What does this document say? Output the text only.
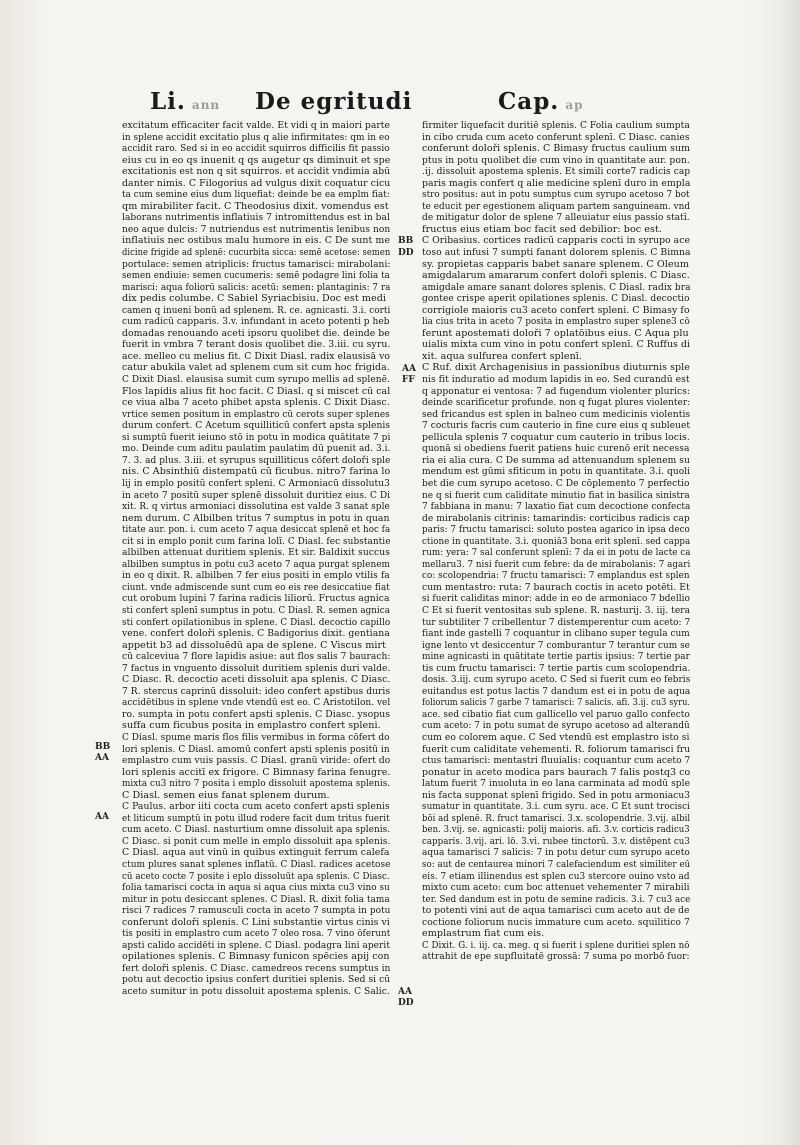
Li. ann De egritudi	Cap. ap
excitatum efficaciter facit valde. Et vidi q in maiori parte
in splene accidit excitatio plus q alie infirmitates: qm in eo
accidit raro. Sed si in eo accidit squirros difficilis fit passio
eius cu in eo qs inuenit q qs augetur qs diminuit et spe
excitationis est non q sit squirros. et accidit vndimia abū
danter nimis. C Filogorius ad vulgus dixit coquatur cicu
ta cum semine eius dum liquefiat: deinde be ea emplm fiat:
qm mirabiliter facit. C Theodosius dixit. vomendus est
laborans nutrimentis inflatiuis 7 intromittendus est in bal
neo aque dulcis: 7 nutriendus est nutrimentis lenibus non
inflatiuis nec ostibus malu humore in eis. C De sunt me
dicine frigide ad splenē: cucurbita sicca: semē acetose: semen
portulace: semen atriplicis: fructus tamarisci: mirabolani:
semen endiuie: semen cucumeris: semē podagre lini folia ta
marisci: aqua foliorū salicis: acetū: semen: plantaginis: 7 ra
dix pedis columbe. C Sabiel Syriacbisiu. Doc est medi
camen q inueni bonū ad splenem. R. ce. agnicasti. 3.i. corti
cum radicū capparis. 3.v. infundant in aceto potenti p heb
domadas renouando aceti ipsoru quolibet die. deinde be
fuerit in vmbra 7 terant dosis quolibet die. 3.iii. cu syru.
ace. melleo cu melius fit. C Dixit Diasl. radix elausisā vo
catur abukila valet ad splenem cum sit cum hoc frigida.
C Dixit Diasl. elausisa sumit cum syrupo mellis ad splenē.
Flos lapidis alius fit hoc facit. C Diasl. q si miscet cū cal
ce viua alba 7 aceto phibet apsta splenis. C Dixit Diasc.
vrtice semen positum in emplastro cū cerots super splenes
durum confert. C Acetum squilliticū confert apsta splenis
si sumptū fuerit ieiuno stō in potu in modica quātitate 7 pi
mo. Deinde cum aditu paulatim paulatim dū puenit ad. 3.i.
7. 3. ad plus. 3.iii. et syrupus squilliticus cōfert doloři sple
nis. C Absinthiū distempatū cū ficubus. nitro7 farina lo
lij in emplo positū confert spleni. C Armoniacū dissolutu3
in aceto 7 positū super splenē dissoluit duritiez eius. C Di
xit. R. q virtus armoniaci dissolutina est valde 3 sanat sple
nem durum. C Albilben tritus 7 sumptus in potu in quan
titate aur. pon. i. cum aceto 7 aqua desiccat splenē et hoc fa
cit si in emplo ponit cum farina lolī. C Diasl. fec substantie
albilben attenuat duritiem splenis. Et sir. Baldixit succus
albilben sumptus in potu cu3 aceto 7 aqua purgat splenem
in eo q dixit. R. albilben 7 fer eius positi in emplo vtilis fa
ciunt. vnde admiscende sunt cum eo eis ree desiccatiue fiat
cut orobum lupini 7 farina radicis liliorū. Fructus agnica
sti confert splenī sumptus in potu. C Diasl. R. semen agnica
sti confert opilationibus in splene. C Diasl. decoctio capillo
vene. confert doloři splenis. C Badigorius dixit. gentiana
appetit b3 ad dissoluēdū apa de splene. C Viscus mirt
cū calceviua 7 flore lapidis asiue: aut flos salis 7 baurach:
7 factus in vnguento dissoluit duritiem splenis duri valde.
C Diasc. R. decoctio aceti dissoluit apa splenis. C Diasc.
7 R. stercus caprinū dissoluit: ideo confert apstibus duris
accidētibus in splene vnde vtendū est eo. C Aristotilon. vel
ro. sumpta in potu confert apsti splenis. C Diasc. ysopus
suffa cum ficubus posita in emplastro confert spleni.
C Diasl. spume maris flos filis vermibus in forma cōfert do
lori splenis. C Diasl. amomū confert apsti splenis positū in
emplastro cum vuis passis. C Diasl. granū viride: ofert do
lori splenis accitī ex frigore. C Bimnasy farina fenugre.
mixta cu3 nitro 7 posita i emplo dissoluit apostema splenis.
C Diasl. semen eius fanat splenem durum.
C Paulus. arbor iiti cocta cum aceto confert apsti splenis
et liticum sumptū in potu illud rodere facit dum tritus fuerit
cum aceto. C Diasl. nasturtium omne dissoluit apa splenis.
C Diasc. si ponit cum melle in emplo dissoluit apa splenis.
C Diasl. aqua aut vinū in quibus extinguit ferrum calefa
ctum plures sanat splenes inflatū. C Diasl. radices acetose
cū aceto cocte 7 posite i eplo dissoluūt apa splenis. C Diasc.
folia tamarisci cocta in aqua si aqua cius mixta cu3 vino su
mitur in potu desiccant splenes. C Diasl. R. dixit folia tama
risci 7 radices 7 ramusculi cocta in aceto 7 sumpta in potu
conferunt doloři splenis. C Lini substantie virtus cinis vi
tis positi in emplastro cum aceto 7 oleo rosa. 7 vino ōferunt
apsti calido accidēti in splene. C Diasl. podagra lini aperit
opilationes splenis. C Bimnasy funicon spēcies apij con
fert doloři splenis. C Diasc. camedreos recens sumptus in
potu aut decoctio ipsius confert duritiei splenis. Sed si cū
aceto sumitur in potu dissoluit apostema splenis. C Salic.
firmiter liquefacit duritiē splenis. C Folia caulium sumpta
in cibo cruda cum aceto conferunt splenī. C Diasc. canies
conferunt doloři splenis. C Bimasy fructus caulium sum
ptus in potu quolibet die cum vino in quantitate aur. pon.
.ij. dissoluit apostema splenis. Et simili corte7 radicis cap
paris magis confert q alie medicine splenī duro in empla
stro positus: aut in potu sumptus cum syrupo acetoso 7 bot
te educit per egestionem aliquam partem sanguineam. vnd
de mitigatur dolor de splene 7 alleuiatur eius passio statī.
fructus eius etiam boc facit sed debilior: boc est.
C Oribasius. cortices radicū capparis cocti in syrupo ace
toso aut infusi 7 sumpti fanant dolorem splenis. C Bimna
sy. propietas capparis babet sanare splenem. C Oleum
amigdalarum amararum confert doloři splenis. C Diasc.
amigdale amare sanant dolores splenis. C Diasl. radix bra
gontee crispe aperit opilationes splenis. C Diasl. decoctio
corrigiole maioris cu3 aceto confert spleni. C Bimasy fo
lia cius trita in aceto 7 posita in emplastro super splene3 cō
ferunt apostemati doloři 7 oplatōibus eius. C Aqua plu
uialis mixta cum vino in potu confert splenī. C Ruffus di
xit. aqua sulfurea confert splenī.
C Ruf. dixit Archagenisius in passionibus diuturnis sple
nis fit induratio ad modum lapidis in eo. Sed curandū est
q apponatur ei ventosa: 7 ad fugendum violenter plurics:
deinde scarificetur profunde. non q fugat plures violenter:
sed fricandus est splen in balneo cum medicinis violentis
7 cocturis facris cum cauterio in fine cure eius q subleuet
pellicula splenis 7 coquatur cum cauterio in tribus locis.
quonā si obediens fuerit patiens huic curenō erit necessa
ria ei alia cura. C De summa ad attenuandum splenem su
mendum est gūmi sfiticum in potu in quantitate. 3.i. quoli
bet die cum syrupo acetoso. C De cōplemento 7 perfectio
ne q si fuerit cum caliditate minutio fiat in basilica sinistra
7 fabbiana in manu: 7 laxatio fiat cum decoctione confecta
de mirabolanis citrinis: tamarindis: corticibus radicis cap
paris: 7 fructu tamarisci: soluto postea agarico in ipsa deco
ctione in quantitate. 3.i. quoniā3 bona erit splenī. sed cappa
rum: yera: 7 sal conferunt splenī: 7 da ei in potu de lacte ca
mellaru3. 7 nisi fuerit cum febre: da de mirabolanis: 7 agari
co: scolopendria: 7 fructu tamarisci: 7 emplandus est splen
cum mentastro: ruta: 7 baurach coctis in aceto potēti. Et
si fuerit caliditas minor: adde in eo de armoniaco 7 bdellio
C Et si fuerit ventositas sub splene. R. nasturij. 3. iij. tera
tur subtiliter 7 cribellentur 7 distemperentur cum aceto: 7
fiant inde gastelli 7 coquantur in clibano super tegula cum
igne lento vt desiccentur 7 comburantur 7 terantur cum se
mine agnicasti in quātitate tertie partis ipsius: 7 tertie par
tis cum fructu tamarisci: 7 tertie partis cum scolopendria.
dosis. 3.iij. cum syrupo aceto. C Sed si fuerit cum eo febris
euitandus est potus lactis 7 dandum est ei in potu de aqua
foliorum salicis 7 garbe 7 tamarisci: 7 salicis. afi. 3.ij. cu3 syru.
ace. sed cibatio fiat cum gallicello vel paruo gallo confecto
cum aceto: 7 in potu sumat de syrupo acetoso ad alterandū
cum eo colorem aque. C Sed vtendū est emplastro isto si
fuerit cum caliditate vehementi. R. foliorum tamarisci fru
ctus tamarisci: mentastri fluuialis: coquantur cum aceto 7
ponatur in aceto modica pars baurach 7 falis postq3 co
latum fuerit 7 inuoluta in eo lana carminata ad modū sple
nis facta supponat splenī frigido. Sed in potu armoniacu3
sumatur in quantitate. 3.i. cum syru. ace. C Et sunt trocisci
bōi ad splenē. R. fruct tamarisci. 3.x. scolopendrie. 3.vij. albil
ben. 3.vij. se. agnicasti: polij maioris. afi. 3.v. corticis radicu3
capparis. 3.vij. ari. lō. 3.vi. rubee tinctorū. 3.v. distēpent cu3
aqua tamarisci 7 salicis: 7 in potu detur cum syrupo aceto
so: aut de centaurea minori 7 calefaciendum est similiter eū
eis. 7 etiam illinendus est splen cu3 stercore ouino vsto ad
mixto cum aceto: cum boc attenuet vehementer 7 mirabili
ter. Sed dandum est in potu de semine radicis. 3.i. 7 cu3 ace
to potenti vini aut de aqua tamarisci cum aceto aut de de
coctione foliorum nucis immature cum aceto. squilitico 7
emplastrum fiat cum eis.
C Dixit. G. i. iij. ca. meg. q si fuerit i splene duritiei splen nō
attrahit de epe supfluitatē grossā: 7 suma po morbō fuor:
BB
AA
AA
BB
DD
AA
FF
AA
DD
